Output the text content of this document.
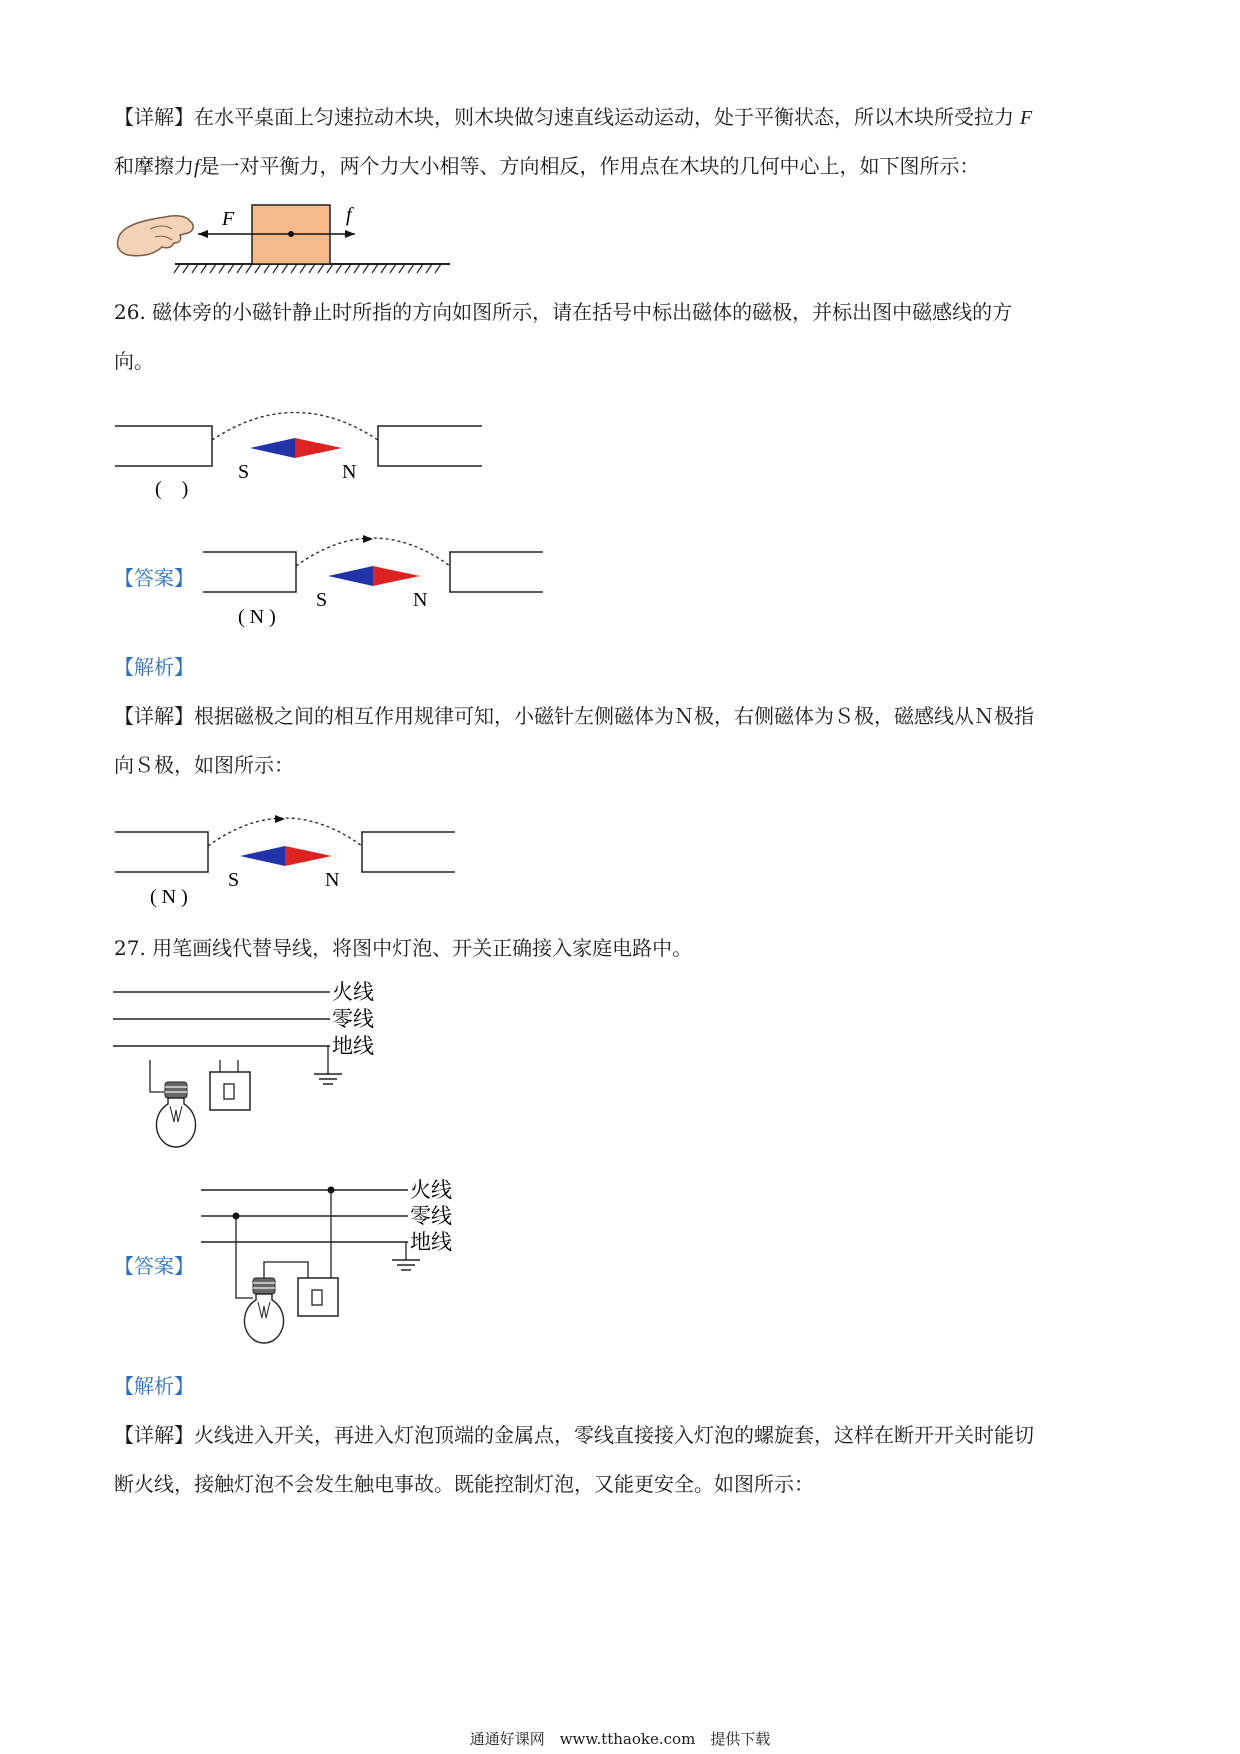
【详解】在水平桌面上匀速拉动木块，则木块做匀速直线运动运动，处于平衡状态，所以木块所受拉力 F
和摩擦力f是一对平衡力，两个力大小相等、方向相反，作用点在木块的几何中心上，如下图所示：
F	f
26. 磁体旁的小磁针静止时所指的方向如图所示，请在括号中标出磁体的磁极，并标出图中磁感线的方
向。
S	N
(    )
【答案】
S	N
( N )
【解析】
【详解】根据磁极之间的相互作用规律可知，小磁针左侧磁体为Ｎ极，右侧磁体为Ｓ极，磁感线从Ｎ极指
向Ｓ极，如图所示：
S	N
( N )
27. 用笔画线代替导线，将图中灯泡、开关正确接入家庭电路中。
火线
零线
地线
【答案】
火线
零线
地线
【解析】
【详解】火线进入开关，再进入灯泡顶端的金属点，零线直接接入灯泡的螺旋套，这样在断开开关时能切
断火线，接触灯泡不会发生触电事故。既能控制灯泡，又能更安全。如图所示：
通通好课网　www.tthaoke.com　提供下载
